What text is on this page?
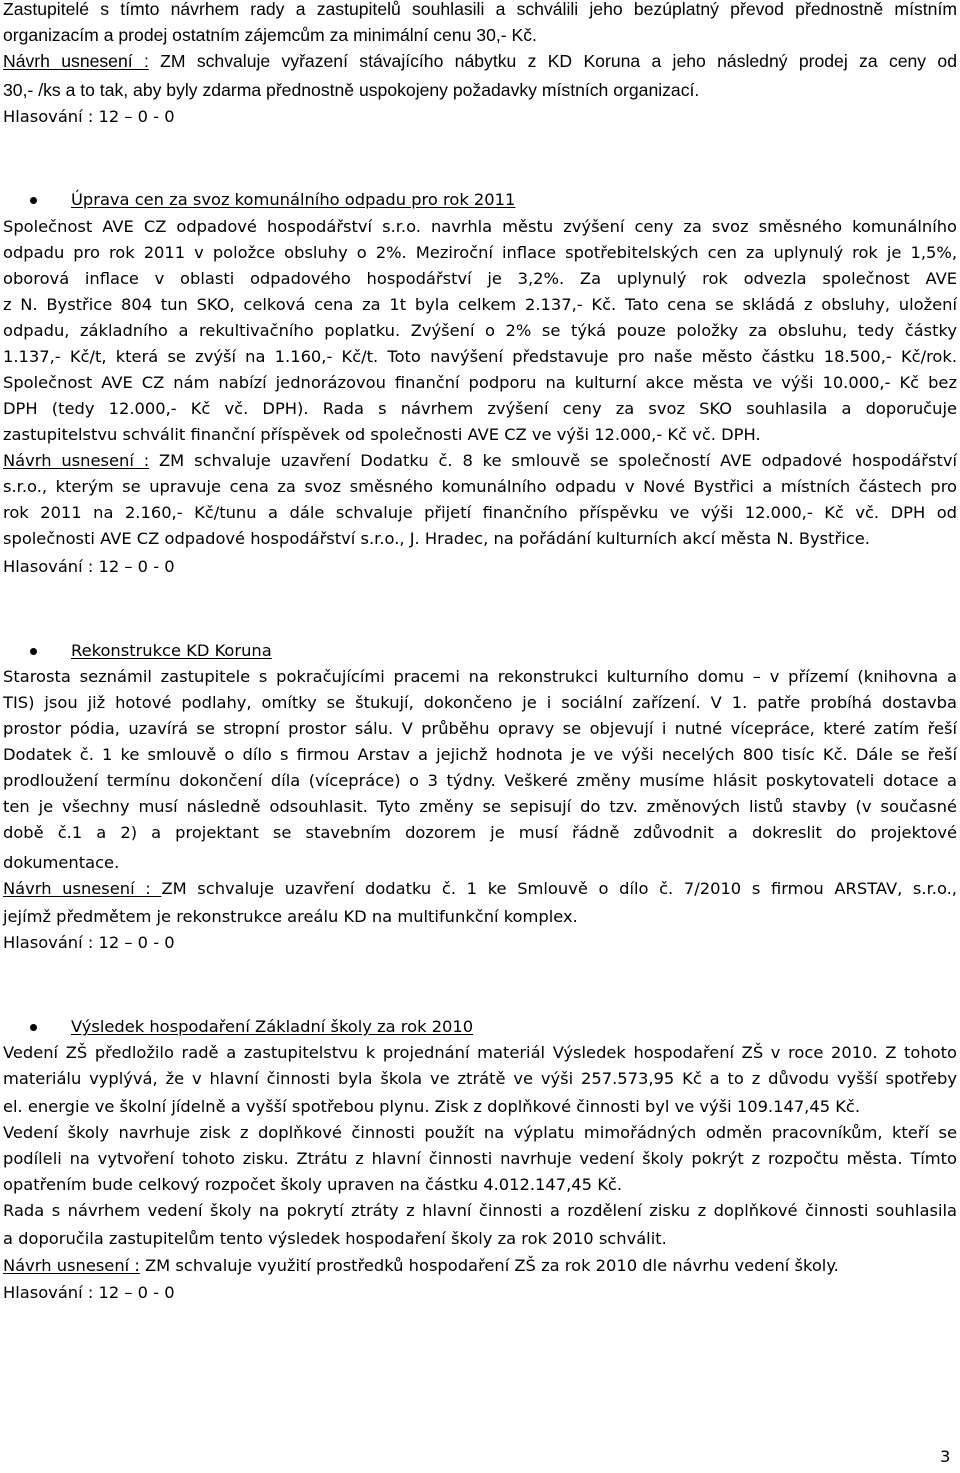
Zastupitelé s tímto návrhem rady a zastupitelů souhlasili a schválili jeho bezúplatný převod přednostně místním
organizacím a prodej ostatním zájemcům za minimální cenu 30,- Kč.
Návrh usnesení : ZM schvaluje vyřazení stávajícího nábytku z KD Koruna a jeho následný prodej za ceny od
30,- /ks a to tak, aby byly zdarma přednostně uspokojeny požadavky místních organizací.
Hlasování : 12 – 0 - 0
Úprava cen za svoz komunálního odpadu pro rok 2011
Společnost AVE CZ odpadové hospodářství s.r.o. navrhla městu zvýšení ceny za svoz směsného komunálního
odpadu pro rok 2011 v položce obsluhy o 2%. Meziroční inflace spotřebitelských cen za uplynulý rok je 1,5%,
oborová inflace v oblasti odpadového hospodářství je 3,2%. Za uplynulý rok odvezla společnost AVE
z N. Bystřice 804 tun SKO, celková cena za 1t byla celkem 2.137,- Kč. Tato cena se skládá z obsluhy, uložení
odpadu, základního a rekultivačního poplatku. Zvýšení o 2% se týká pouze položky za obsluhu, tedy částky
1.137,- Kč/t, která se zvýší na 1.160,- Kč/t. Toto navýšení představuje pro naše město částku 18.500,- Kč/rok.
Společnost AVE CZ nám nabízí jednorázovou finanční podporu na kulturní akce města ve výši 10.000,- Kč bez
DPH (tedy 12.000,- Kč vč. DPH). Rada s návrhem zvýšení ceny za svoz SKO souhlasila a doporučuje
zastupitelstvu schválit finanční příspěvek od společnosti AVE CZ ve výši 12.000,- Kč vč. DPH.
Návrh usnesení : ZM schvaluje uzavření Dodatku č. 8 ke smlouvě se společností AVE odpadové hospodářství
s.r.o., kterým se upravuje cena za svoz směsného komunálního odpadu v Nové Bystřici a místních částech pro
rok 2011 na 2.160,- Kč/tunu a dále schvaluje přijetí finančního příspěvku ve výši 12.000,- Kč vč. DPH od
společnosti AVE CZ odpadové hospodářství s.r.o., J. Hradec, na pořádání kulturních akcí města N. Bystřice.
Hlasování : 12 – 0 - 0
Rekonstrukce KD Koruna
Starosta seznámil zastupitele s pokračujícími pracemi na rekonstrukci kulturního domu – v přízemí (knihovna a
TIS) jsou již hotové podlahy, omítky se štukují, dokončeno je i sociální zařízení. V 1. patře probíhá dostavba
prostor pódia, uzavírá se stropní prostor sálu. V průběhu opravy se objevují i nutné vícepráce, které zatím řeší
Dodatek č. 1 ke smlouvě o dílo s firmou Arstav a jejichž hodnota je ve výši necelých 800 tisíc Kč. Dále se řeší
prodloužení termínu dokončení díla (vícepráce) o 3 týdny. Veškeré změny musíme hlásit poskytovateli dotace a
ten je všechny musí následně odsouhlasit. Tyto změny se sepisují do tzv. změnových listů stavby (v současné
době č.1 a 2) a projektant se stavebním dozorem je musí řádně zdůvodnit a dokreslit do projektové
dokumentace.
Návrh usnesení : ZM schvaluje uzavření dodatku č. 1 ke Smlouvě o dílo č. 7/2010 s firmou ARSTAV, s.r.o.,
jejímž předmětem je rekonstrukce areálu KD na multifunkční komplex.
Hlasování : 12 – 0 - 0
Výsledek hospodaření Základní školy za rok 2010
Vedení ZŠ předložilo radě a zastupitelstvu k projednání materiál Výsledek hospodaření ZŠ v roce 2010. Z tohoto
materiálu vyplývá, že v hlavní činnosti byla škola ve ztrátě ve výši 257.573,95 Kč a to z důvodu vyšší spotřeby
el. energie ve školní jídelně a vyšší spotřebou plynu. Zisk z doplňkové činnosti byl ve výši 109.147,45 Kč.
Vedení školy navrhuje zisk z doplňkové činnosti použít na výplatu mimořádných odměn pracovníkům, kteří se
podíleli na vytvoření tohoto zisku. Ztrátu z hlavní činnosti navrhuje vedení školy pokrýt z rozpočtu města. Tímto
opatřením bude celkový rozpočet školy upraven na částku 4.012.147,45 Kč.
Rada s návrhem vedení školy na pokrytí ztráty z hlavní činnosti a rozdělení zisku z doplňkové činnosti souhlasila
a doporučila zastupitelům tento výsledek hospodaření školy za rok 2010 schválit.
Návrh usnesení : ZM schvaluje využití prostředků hospodaření ZŠ za rok 2010 dle návrhu vedení školy.
Hlasování : 12 – 0 - 0
3
